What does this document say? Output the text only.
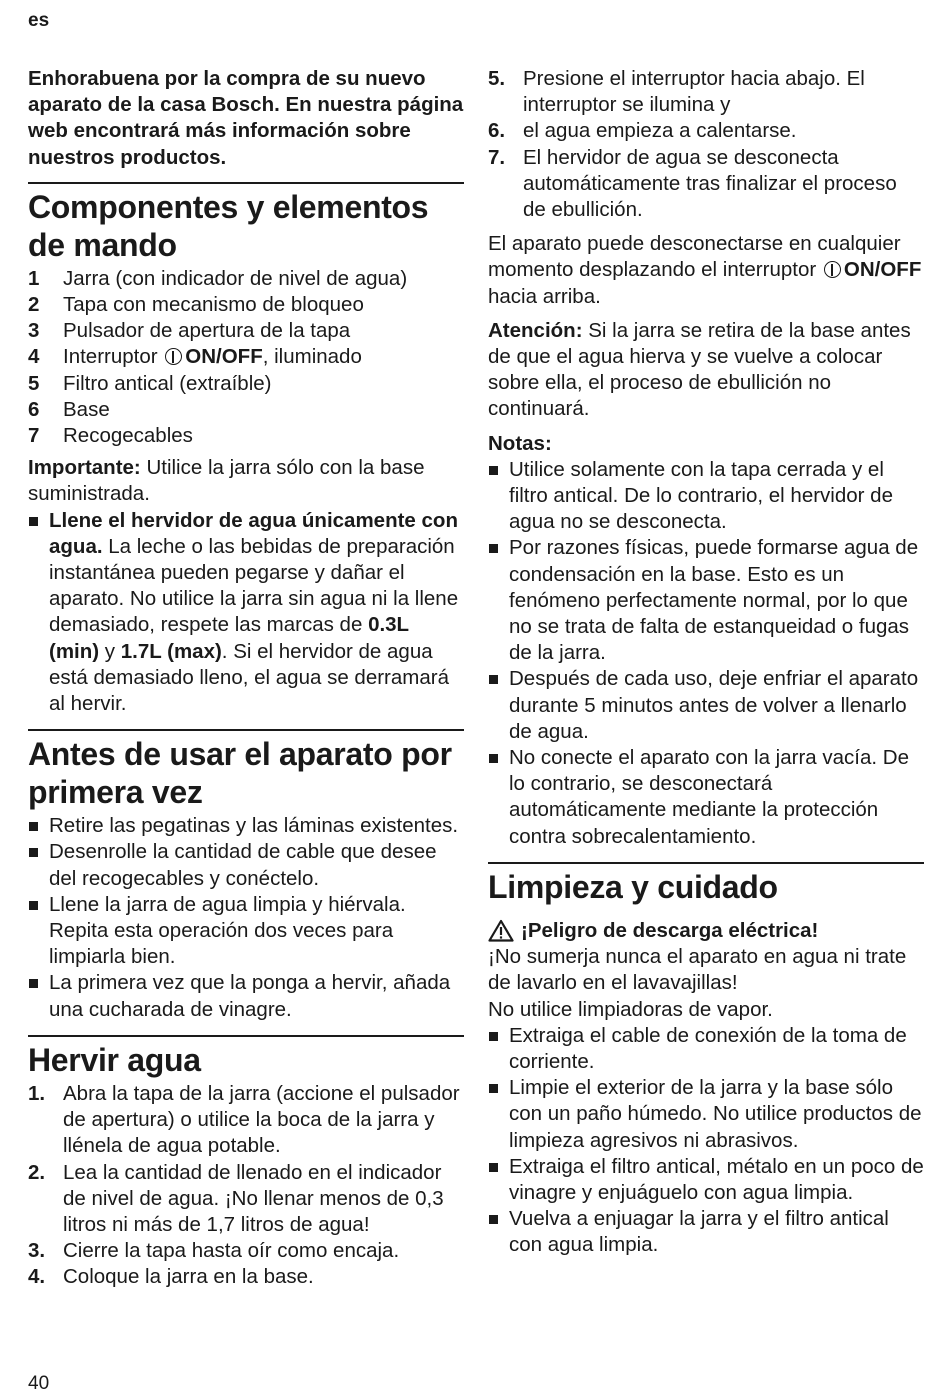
es

Enhorabuena por la compra de su nuevo aparato de la casa Bosch. En nuestra página web encontrará más información sobre nuestros productos.

Componentes y elementos de mando
1	Jarra (con indicador de nivel de agua)
2	Tapa con mecanismo de bloqueo
3	Pulsador de apertura de la tapa
4	Interruptor ON/OFF, iluminado
5	Filtro antical (extraíble)
6	Base
7	Recogecables

Importante: Utilice la jarra sólo con la base suministrada.

Llene el hervidor de agua únicamente con agua. La leche o las bebidas de preparación instantánea pueden pegarse y dañar el aparato. No utilice la jarra sin agua ni la llene demasiado, respete las marcas de 0.3L (min) y 1.7L (max). Si el hervidor de agua está demasiado lleno, el agua se derramará al hervir.
Antes de usar el aparato por primera vez
Retire las pegatinas y las láminas existentes.
Desenrolle la cantidad de cable que desee del recogecables y conéctelo.
Llene la jarra de agua limpia y hiérvala. Repita esta operación dos veces para limpiarla bien.
La primera vez que la ponga a hervir, añada una cucharada de vinagre.
Hervir agua
1. Abra la tapa de la jarra (accione el pulsador de apertura) o utilice la boca de la jarra y llénela de agua potable.
2. Lea la cantidad de llenado en el indicador de nivel de agua. ¡No llenar menos de 0,3 litros ni más de 1,7 litros de agua!
3. Cierre la tapa hasta oír como encaja.
4. Coloque la jarra en la base.
5. Presione el interruptor hacia abajo. El interruptor se ilumina y
6. el agua empieza a calentarse.
7. El hervidor de agua se desconecta automáticamente tras finalizar el proceso de ebullición.

El aparato puede desconectarse en cualquier momento desplazando el interruptor ON/OFF hacia arriba.

Atención: Si la jarra se retira de la base antes de que el agua hierva y se vuelve a colocar sobre ella, el proceso de ebullición no continuará.

Notas:

Utilice solamente con la tapa cerrada y el filtro antical. De lo contrario, el hervidor de agua no se desconecta.
Por razones físicas, puede formarse agua de condensación en la base. Esto es un fenómeno perfectamente normal, por lo que no se trata de falta de estanqueidad o fugas de la jarra.
Después de cada uso, deje enfriar el aparato durante 5 minutos antes de volver a llenarlo de agua.
No conecte el aparato con la jarra vacía. De lo contrario, se desconectará automáticamente mediante la protección contra sobrecalentamiento.
Limpieza y cuidado
¡Peligro de descarga eléctrica!

¡No sumerja nunca el aparato en agua ni trate de lavarlo en el lavavajillas!

No utilice limpiadoras de vapor.

Extraiga el cable de conexión de la toma de corriente.
Limpie el exterior de la jarra y la base sólo con un paño húmedo. No utilice productos de limpieza agresivos ni abrasivos.
Extraiga el filtro antical, métalo en un poco de vinagre y enjuáguelo con agua limpia.
Vuelva a enjuagar la jarra y el filtro antical con agua limpia.
40
